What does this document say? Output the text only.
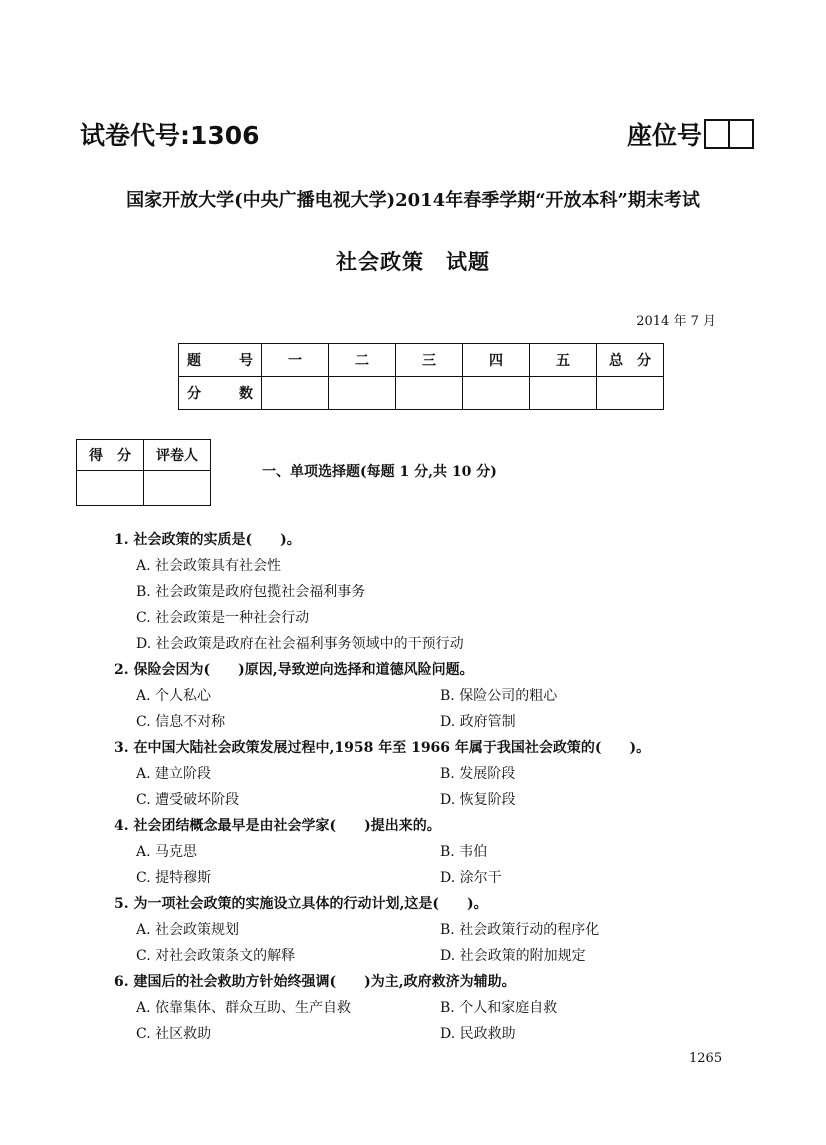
试卷代号:1306	座位号
国家开放大学(中央广播电视大学)2014年春季学期“开放本科”期末考试
社会政策　试题
2014 年 7 月
题　号	一	二	三	四	五	总　分
分　数						
得　分	评卷人

一、单项选择题(每题 1 分,共 10 分)
1. 社会政策的实质是(　　)。
A. 社会政策具有社会性
B. 社会政策是政府包揽社会福利事务
C. 社会政策是一种社会行动
D. 社会政策是政府在社会福利事务领域中的干预行动
2. 保险会因为(　　)原因,导致逆向选择和道德风险问题。
A. 个人私心	B. 保险公司的粗心
C. 信息不对称	D. 政府管制
3. 在中国大陆社会政策发展过程中,1958 年至 1966 年属于我国社会政策的(　　)。
A. 建立阶段	B. 发展阶段
C. 遭受破坏阶段	D. 恢复阶段
4. 社会团结概念最早是由社会学家(　　)提出来的。
A. 马克思	B. 韦伯
C. 提特穆斯	D. 涂尔干
5. 为一项社会政策的实施设立具体的行动计划,这是(　　)。
A. 社会政策规划	B. 社会政策行动的程序化
C. 对社会政策条文的解释	D. 社会政策的附加规定
6. 建国后的社会救助方针始终强调(　　)为主,政府救济为辅助。
A. 依靠集体、群众互助、生产自救	B. 个人和家庭自救
C. 社区救助	D. 民政救助
1265
